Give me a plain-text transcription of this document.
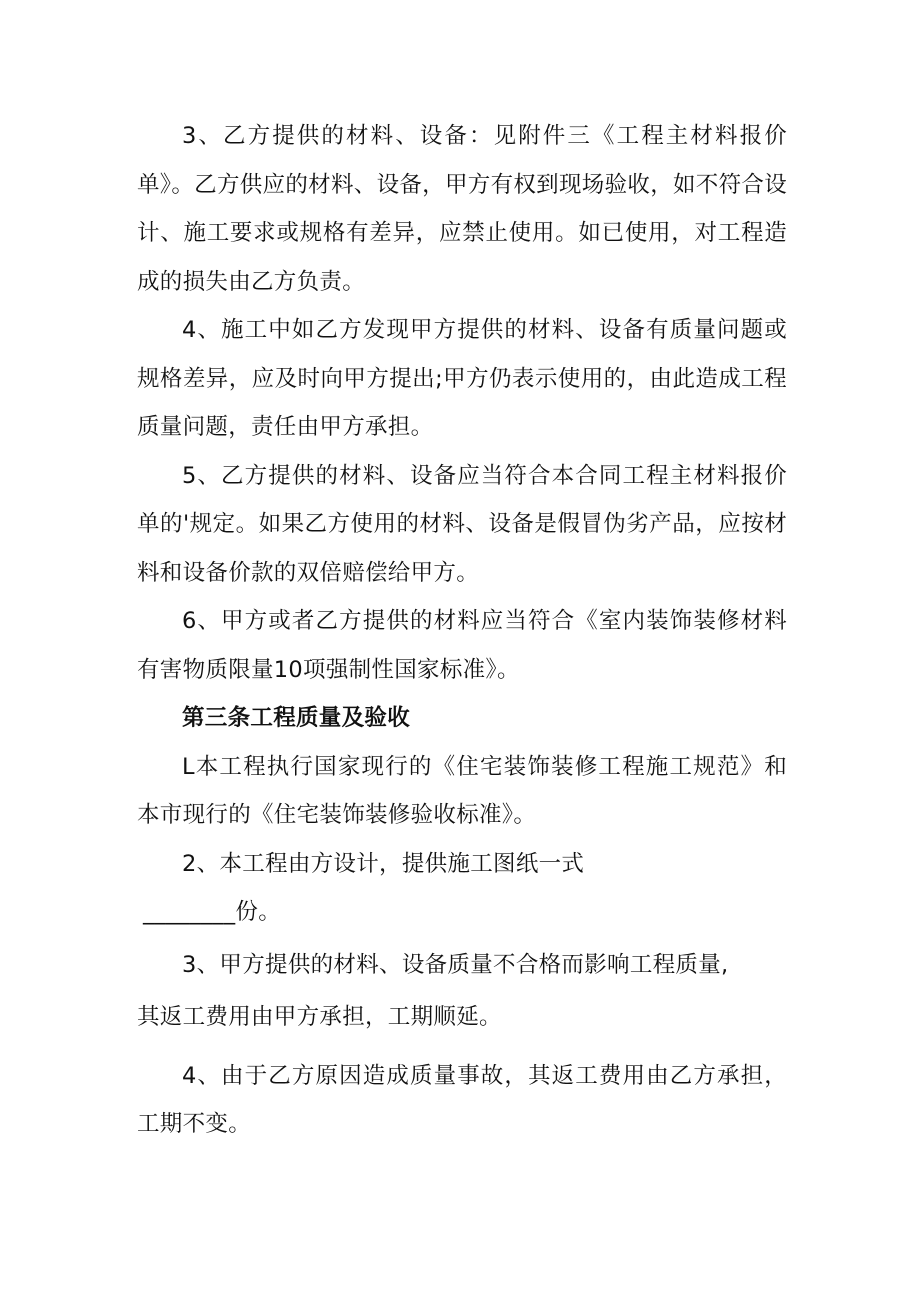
3、乙方提供的材料、设备：见附件三《工程主材料报价单》。乙方供应的材料、设备，甲方有权到现场验收，如不符合设计、施工要求或规格有差异，应禁止使用。如已使用，对工程造成的损失由乙方负责。

4、施工中如乙方发现甲方提供的材料、设备有质量问题或规格差异，应及时向甲方提出;甲方仍表示使用的，由此造成工程质量问题，责任由甲方承担。

5、乙方提供的材料、设备应当符合本合同工程主材料报价单的'规定。如果乙方使用的材料、设备是假冒伪劣产品，应按材料和设备价款的双倍赔偿给甲方。

6、甲方或者乙方提供的材料应当符合《室内装饰装修材料有害物质限量10项强制性国家标准》。

第三条工程质量及验收

L本工程执行国家现行的《住宅装饰装修工程施工规范》和本市现行的《住宅装饰装修验收标准》。

2、本工程由方设计，提供施工图纸一式

________份。

3、甲方提供的材料、设备质量不合格而影响工程质量,

其返工费用由甲方承担，工期顺延。

4、由于乙方原因造成质量事故，其返工费用由乙方承担，工期不变。
